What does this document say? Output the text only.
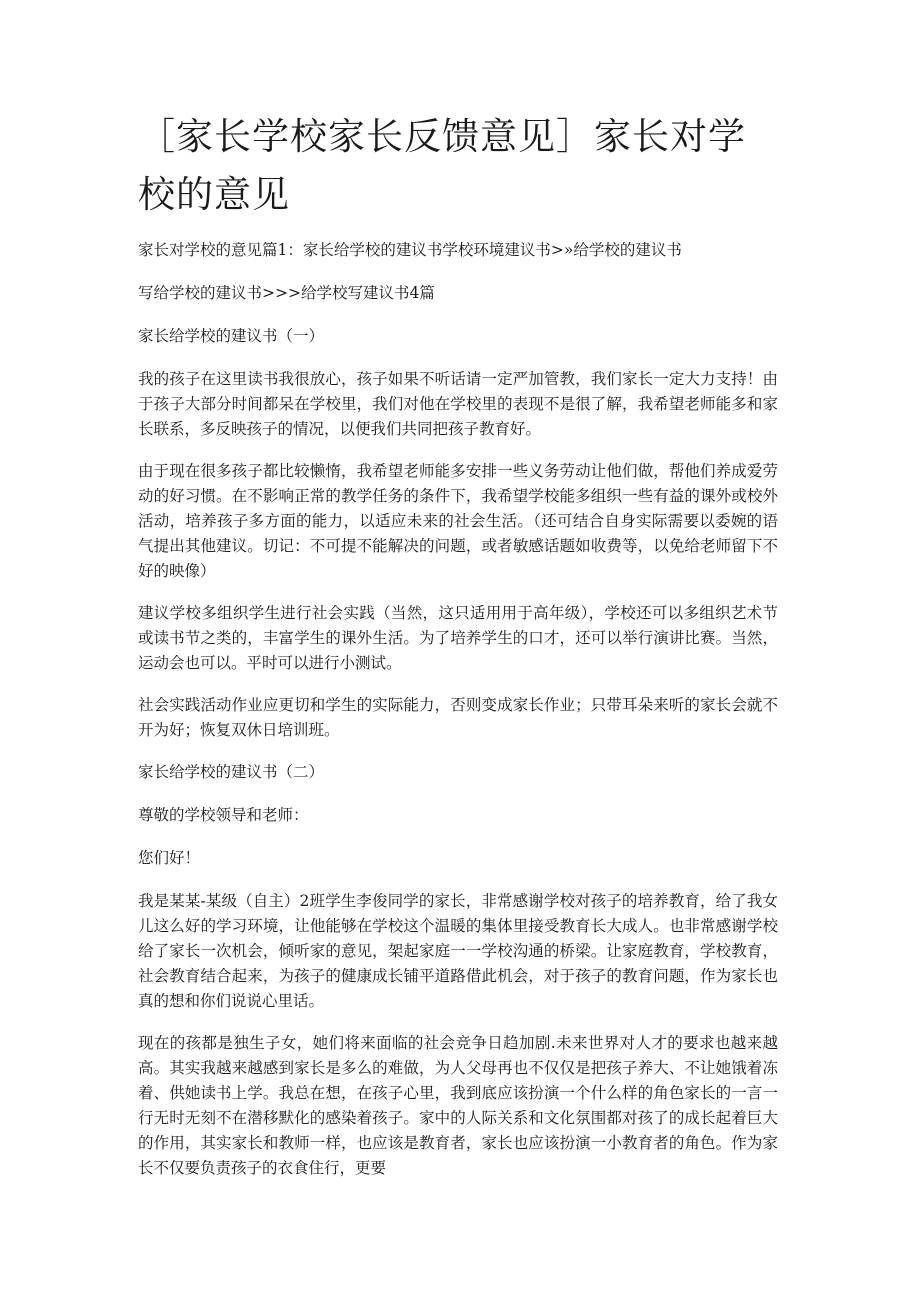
［家长学校家长反馈意见］家长对学校的意见

家长对学校的意见篇1：家长给学校的建议书学校环境建议书>»给学校的建议书

写给学校的建议书>>>给学校写建议书4篇

家长给学校的建议书（一）

我的孩子在这里读书我很放心，孩子如果不听话请一定严加管教，我们家长一定大力支持！由于孩子大部分时间都呆在学校里，我们对他在学校里的表现不是很了解，我希望老师能多和家长联系，多反映孩子的情况，以便我们共同把孩子教育好。

由于现在很多孩子都比较懒惰，我希望老师能多安排一些义务劳动让他们做，帮他们养成爱劳动的好习惯。在不影响正常的教学任务的条件下，我希望学校能多组织一些有益的课外或校外活动，培养孩子多方面的能力，以适应未来的社会生活。（还可结合自身实际需要以委婉的语气提出其他建议。切记：不可提不能解决的问题，或者敏感话题如收费等，以免给老师留下不好的映像）

建议学校多组织学生进行社会实践（当然，这只适用用于高年级），学校还可以多组织艺术节或读书节之类的，丰富学生的课外生活。为了培养学生的口才，还可以举行演讲比赛。当然，运动会也可以。平时可以进行小测试。

社会实践活动作业应更切和学生的实际能力，否则变成家长作业；只带耳朵来听的家长会就不开为好；恢复双休日培训班。

家长给学校的建议书（二）

尊敬的学校领导和老师：

您们好！

我是某某-某级（自主）2班学生李俊同学的家长，非常感谢学校对孩子的培养教育，给了我女儿这么好的学习环境，让他能够在学校这个温暖的集体里接受教育长大成人。也非常感谢学校给了家长一次机会，倾听家的意见，架起家庭一一学校沟通的桥梁。让家庭教育，学校教育，社会教育结合起来，为孩子的健康成长铺平道路借此机会，对于孩子的教育问题，作为家长也真的想和你们说说心里话。

现在的孩都是独生子女，她们将来面临的社会竞争日趋加剧.未来世界对人才的要求也越来越高。其实我越来越感到家长是多么的难做，为人父母再也不仅仅是把孩子养大、不让她饿着冻着、供她读书上学。我总在想，在孩子心里，我到底应该扮演一个什么样的角色家长的一言一行无时无刻不在潜移默化的感染着孩子。家中的人际关系和文化氛围都对孩了的成长起着巨大的作用，其实家长和教师一样，也应该是教育者，家长也应该扮演一小教育者的角色。作为家长不仅要负责孩子的衣食住行，更要
